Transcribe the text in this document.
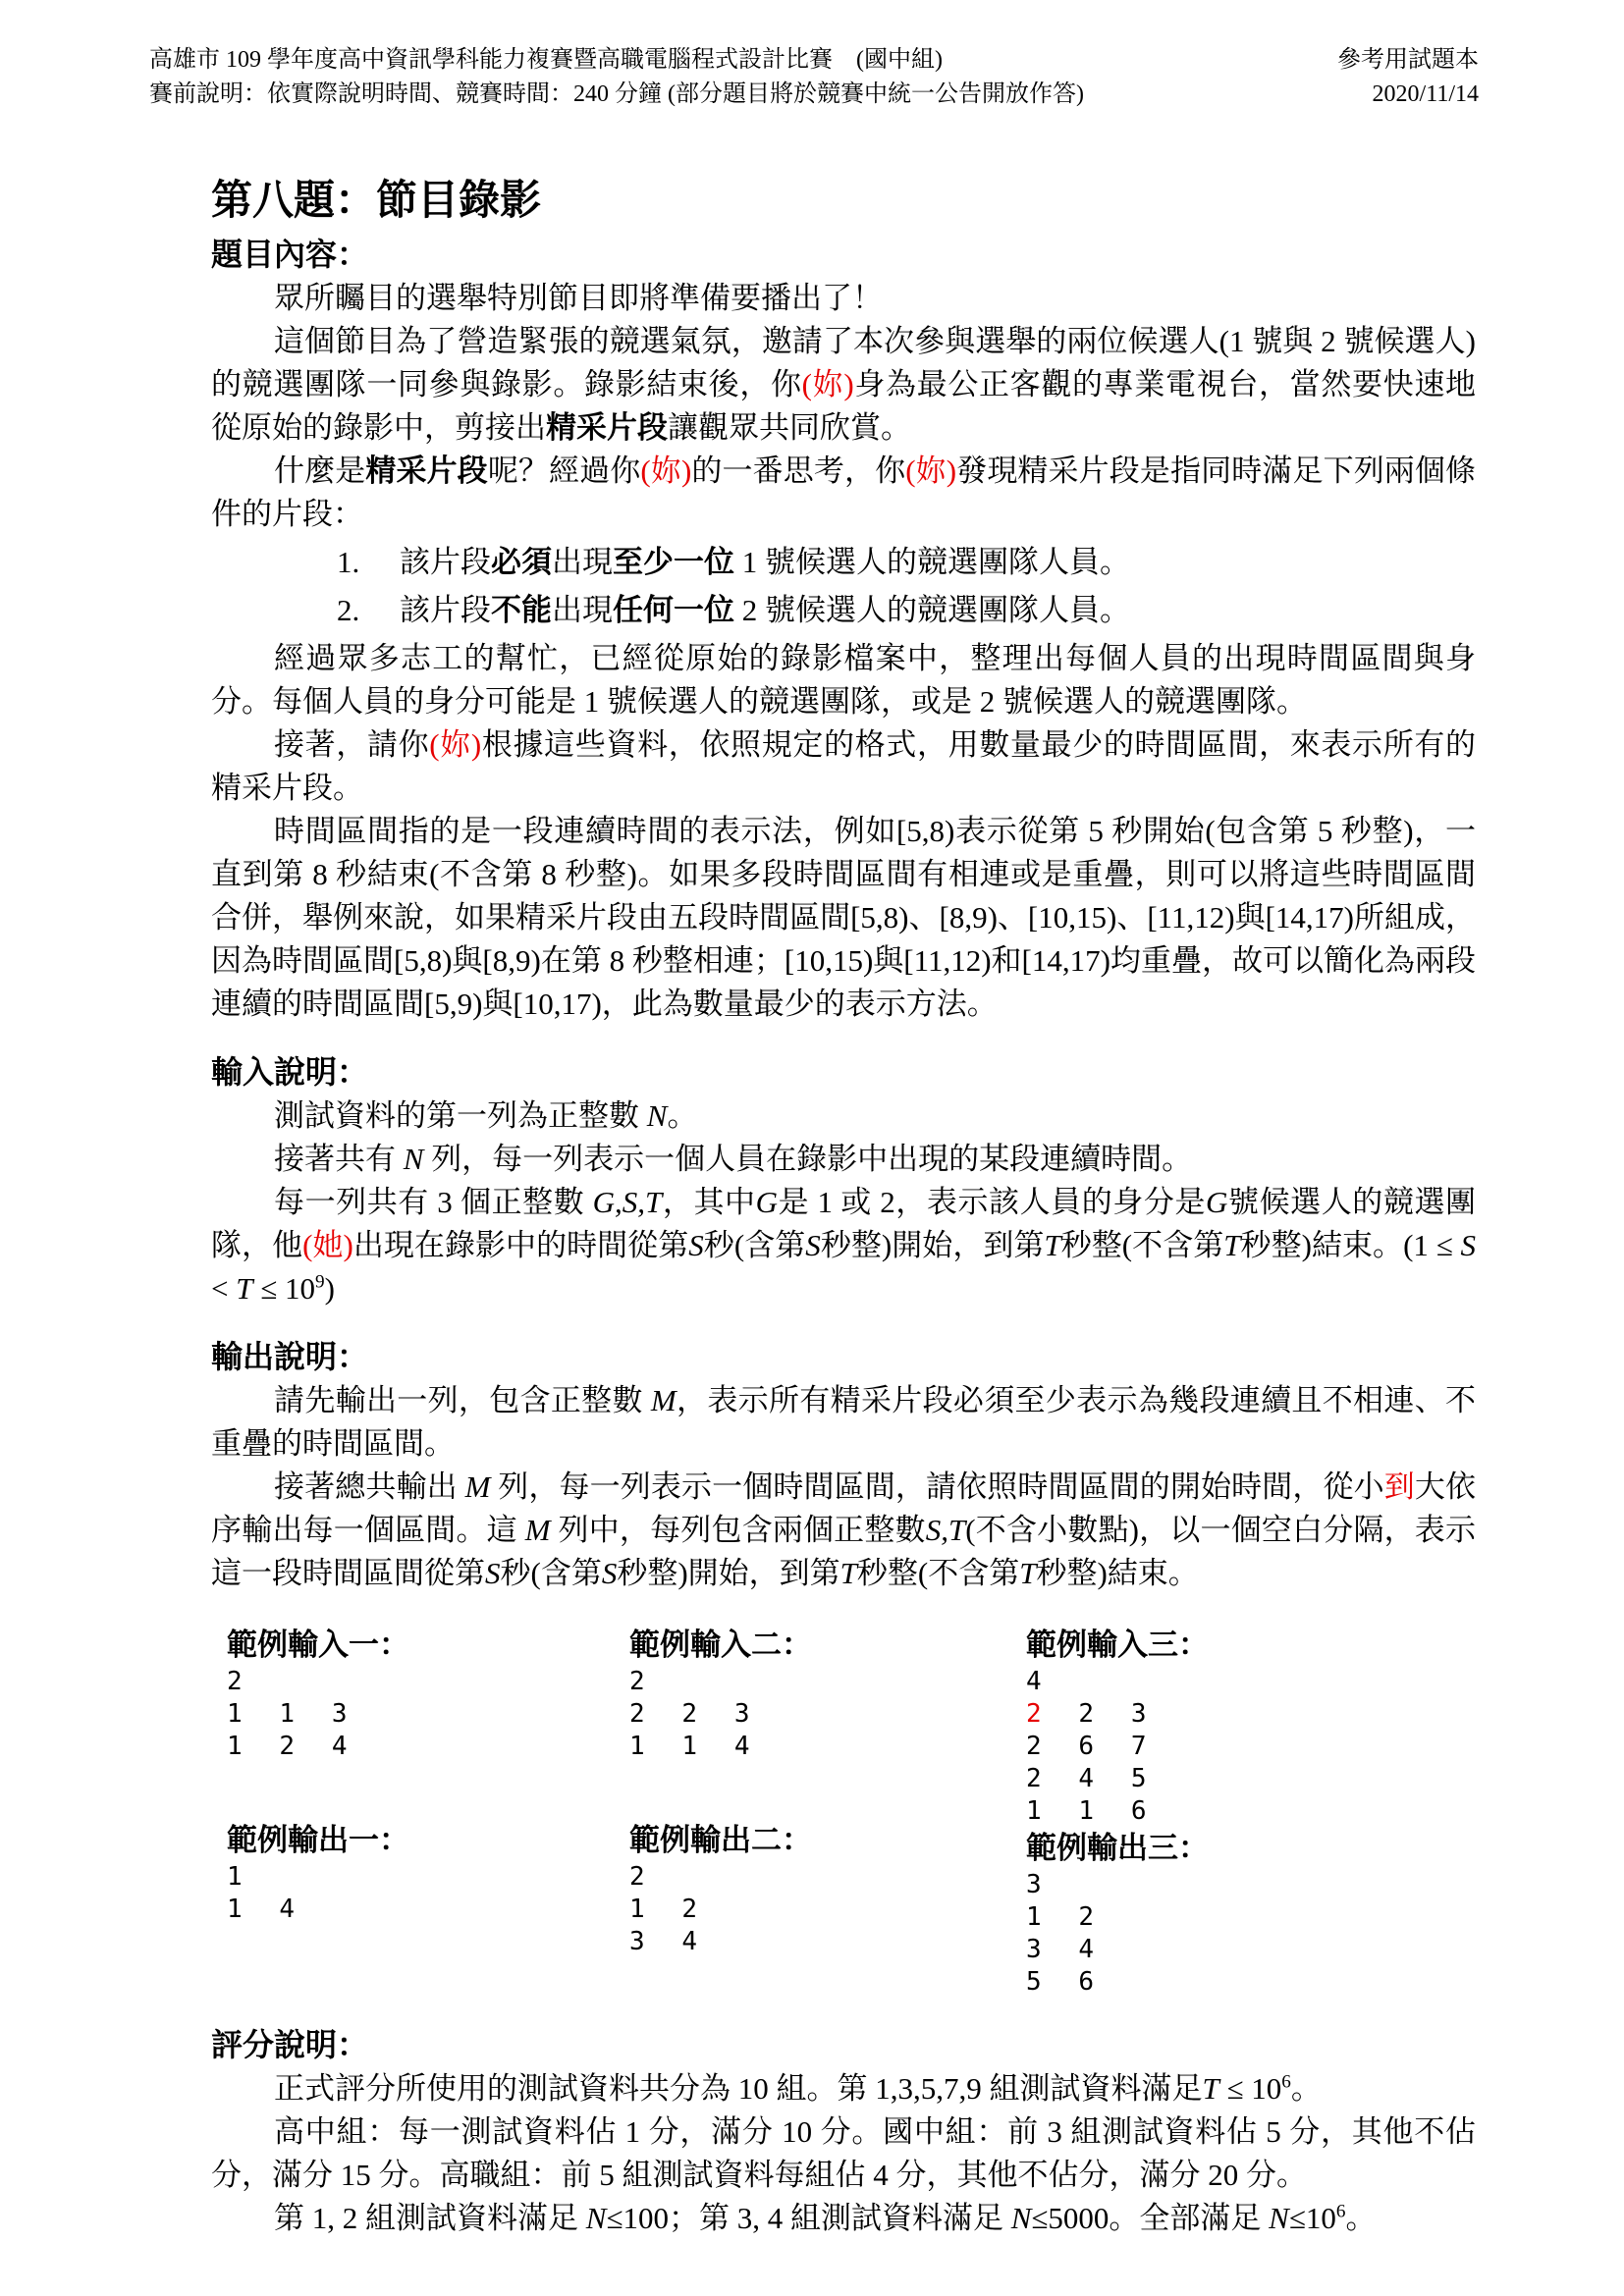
高雄市 109 學年度高中資訊學科能力複賽暨高職電腦程式設計比賽　(國中組)	參考用試題本
賽前說明：依實際說明時間、競賽時間：240 分鐘 (部分題目將於競賽中統一公告開放作答)	2020/11/14
第八題：節目錄影
題目內容：

眾所矚目的選舉特別節目即將準備要播出了！

這個節目為了營造緊張的競選氣氛，邀請了本次參與選舉的兩位候選人(1 號與 2 號候選人)的競選團隊一同參與錄影。錄影結束後，你(妳)身為最公正客觀的專業電視台，當然要快速地從原始的錄影中，剪接出精采片段讓觀眾共同欣賞。

什麼是精采片段呢？經過你(妳)的一番思考，你(妳)發現精采片段是指同時滿足下列兩個條件的片段：

1.	該片段必須出現至少一位 1 號候選人的競選團隊人員。
2.	該片段不能出現任何一位 2 號候選人的競選團隊人員。

經過眾多志工的幫忙，已經從原始的錄影檔案中，整理出每個人員的出現時間區間與身分。每個人員的身分可能是 1 號候選人的競選團隊，或是 2 號候選人的競選團隊。

接著，請你(妳)根據這些資料，依照規定的格式，用數量最少的時間區間，來表示所有的精采片段。

時間區間指的是一段連續時間的表示法，例如[5,8)表示從第 5 秒開始(包含第 5 秒整)，一直到第 8 秒結束(不含第 8 秒整)。如果多段時間區間有相連或是重疊，則可以將這些時間區間合併，舉例來說，如果精采片段由五段時間區間[5,8)、[8,9)、[10,15)、[11,12)與[14,17)所組成，因為時間區間[5,8)與[8,9)在第 8 秒整相連；[10,15)與[11,12)和[14,17)均重疊，故可以簡化為兩段連續的時間區間[5,9)與[10,17)，此為數量最少的表示方法。

輸入說明：

測試資料的第一列為正整數 N。

接著共有 N 列，每一列表示一個人員在錄影中出現的某段連續時間。

每一列共有 3 個正整數 G,S,T，其中G是 1 或 2，表示該人員的身分是G號候選人的競選團隊，他(她)出現在錄影中的時間從第S秒(含第S秒整)開始，到第T秒整(不含第T秒整)結束。$(1 \le S < T \le 10^9)$

輸出說明：

請先輸出一列，包含正整數 M，表示所有精采片段必須至少表示為幾段連續且不相連、不重疊的時間區間。

接著總共輸出 M 列，每一列表示一個時間區間，請依照時間區間的開始時間，從小到大依序輸出每一個區間。這 M 列中，每列包含兩個正整數S,T(不含小數點)，以一個空白分隔，表示這一段時間區間從第S秒(含第S秒整)開始，到第T秒整(不含第T秒整)結束。

範例輸入一：
2
1 1 3
1 2 4
範例輸出一：
1
1 4
範例輸入二：
2
2 2 3
1 1 4
範例輸出二：
2
1 2
3 4
範例輸入三：
4
2 2 3
2 6 7
2 4 5
1 1 6
範例輸出三：
3
1 2
3 4
5 6
評分說明：

正式評分所使用的測試資料共分為 10 組。第 1,3,5,7,9 組測試資料滿足$T \le 10^6$。

高中組：每一測試資料佔 1 分，滿分 10 分。國中組：前 3 組測試資料佔 5 分，其他不佔分，滿分 15 分。高職組：前 5 組測試資料每組佔 4 分，其他不佔分，滿分 20 分。

第 1, 2 組測試資料滿足 N≤100；第 3, 4 組測試資料滿足 N≤5000。全部滿足 $N\le 10^6$。
